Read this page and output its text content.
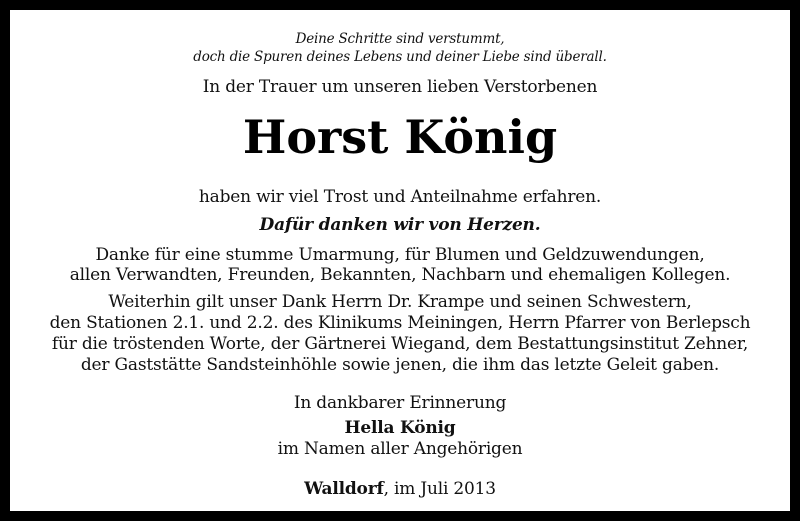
Deine Schritte sind verstummt,
doch die Spuren deines Lebens und deiner Liebe sind überall.
In der Trauer um unseren lieben Verstorbenen
Horst König
haben wir viel Trost und Anteilnahme erfahren.
Dafür danken wir von Herzen.
Danke für eine stumme Umarmung, für Blumen und Geldzuwendungen,
allen Verwandten, Freunden, Bekannten, Nachbarn und ehemaligen Kollegen.
Weiterhin gilt unser Dank Herrn Dr. Krampe und seinen Schwestern,
den Stationen 2.1. und 2.2. des Klinikums Meiningen, Herrn Pfarrer von Berlepsch
für die tröstenden Worte, der Gärtnerei Wiegand, dem Bestattungsinstitut Zehner,
der Gaststätte Sandsteinhöhle sowie jenen, die ihm das letzte Geleit gaben.
In dankbarer Erinnerung
Hella König
im Namen aller Angehörigen
Walldorf, im Juli 2013
